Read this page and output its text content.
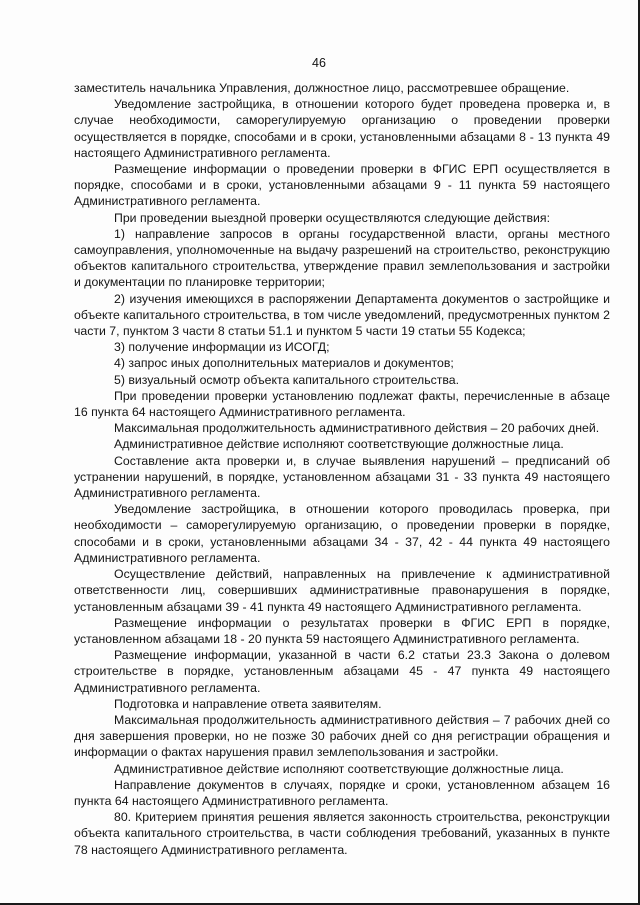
46

заместитель начальника Управления, должностное лицо, рассмотревшее обращение.

Уведомление застройщика, в отношении которого будет проведена проверка и, в случае необходимости, саморегулируемую организацию о проведении проверки осуществляется в порядке, способами и в сроки, установленными абзацами 8 - 13 пункта 49 настоящего Административного регламента.

Размещение информации о проведении проверки в ФГИС ЕРП осуществляется в порядке, способами и в сроки, установленными абзацами 9 - 11 пункта 59 настоящего Административного регламента.

При проведении выездной проверки осуществляются следующие действия:

1) направление запросов в органы государственной власти, органы местного самоуправления, уполномоченные на выдачу разрешений на строительство, реконструкцию объектов капитального строительства, утверждение правил землепользования и застройки и документации по планировке территории;

2) изучения имеющихся в распоряжении Департамента документов о застройщике и объекте капитального строительства, в том числе уведомлений, предусмотренных пунктом 2 части 7, пунктом 3 части 8 статьи 51.1 и пунктом 5 части 19 статьи 55 Кодекса;

3) получение информации из ИСОГД;

4) запрос иных дополнительных материалов и документов;

5) визуальный осмотр объекта капитального строительства.

При проведении проверки установлению подлежат факты, перечисленные в абзаце 16 пункта 64 настоящего Административного регламента.

Максимальная продолжительность административного действия – 20 рабочих дней.

Административное действие исполняют соответствующие должностные лица.

Составление акта проверки и, в случае выявления нарушений – предписаний об устранении нарушений, в порядке, установленном абзацами 31 - 33 пункта 49 настоящего Административного регламента.

Уведомление застройщика, в отношении которого проводилась проверка, при необходимости – саморегулируемую организацию, о проведении проверки в порядке, способами и в сроки, установленными абзацами 34 - 37, 42 - 44 пункта 49 настоящего Административного регламента.

Осуществление действий, направленных на привлечение к административной ответственности лиц, совершивших административные правонарушения в порядке, установленным абзацами 39 - 41 пункта 49 настоящего Административного регламента.

Размещение информации о результатах проверки в ФГИС ЕРП в порядке, установленном абзацами 18 - 20 пункта 59 настоящего Административного регламента.

Размещение информации, указанной в части 6.2 статьи 23.3 Закона о долевом строительстве в порядке, установленным абзацами 45 - 47 пункта 49 настоящего Административного регламента.

Подготовка и направление ответа заявителям.

Максимальная продолжительность административного действия – 7 рабочих дней со дня завершения проверки, но не позже 30 рабочих дней со дня регистрации обращения и информации о фактах нарушения правил землепользования и застройки.

Административное действие исполняют соответствующие должностные лица.

Направление документов в случаях, порядке и сроки, установленном абзацем 16 пункта 64 настоящего Административного регламента.

80. Критерием принятия решения является законность строительства, реконструкции объекта капитального строительства, в части соблюдения требований, указанных в пункте 78 настоящего Административного регламента.
